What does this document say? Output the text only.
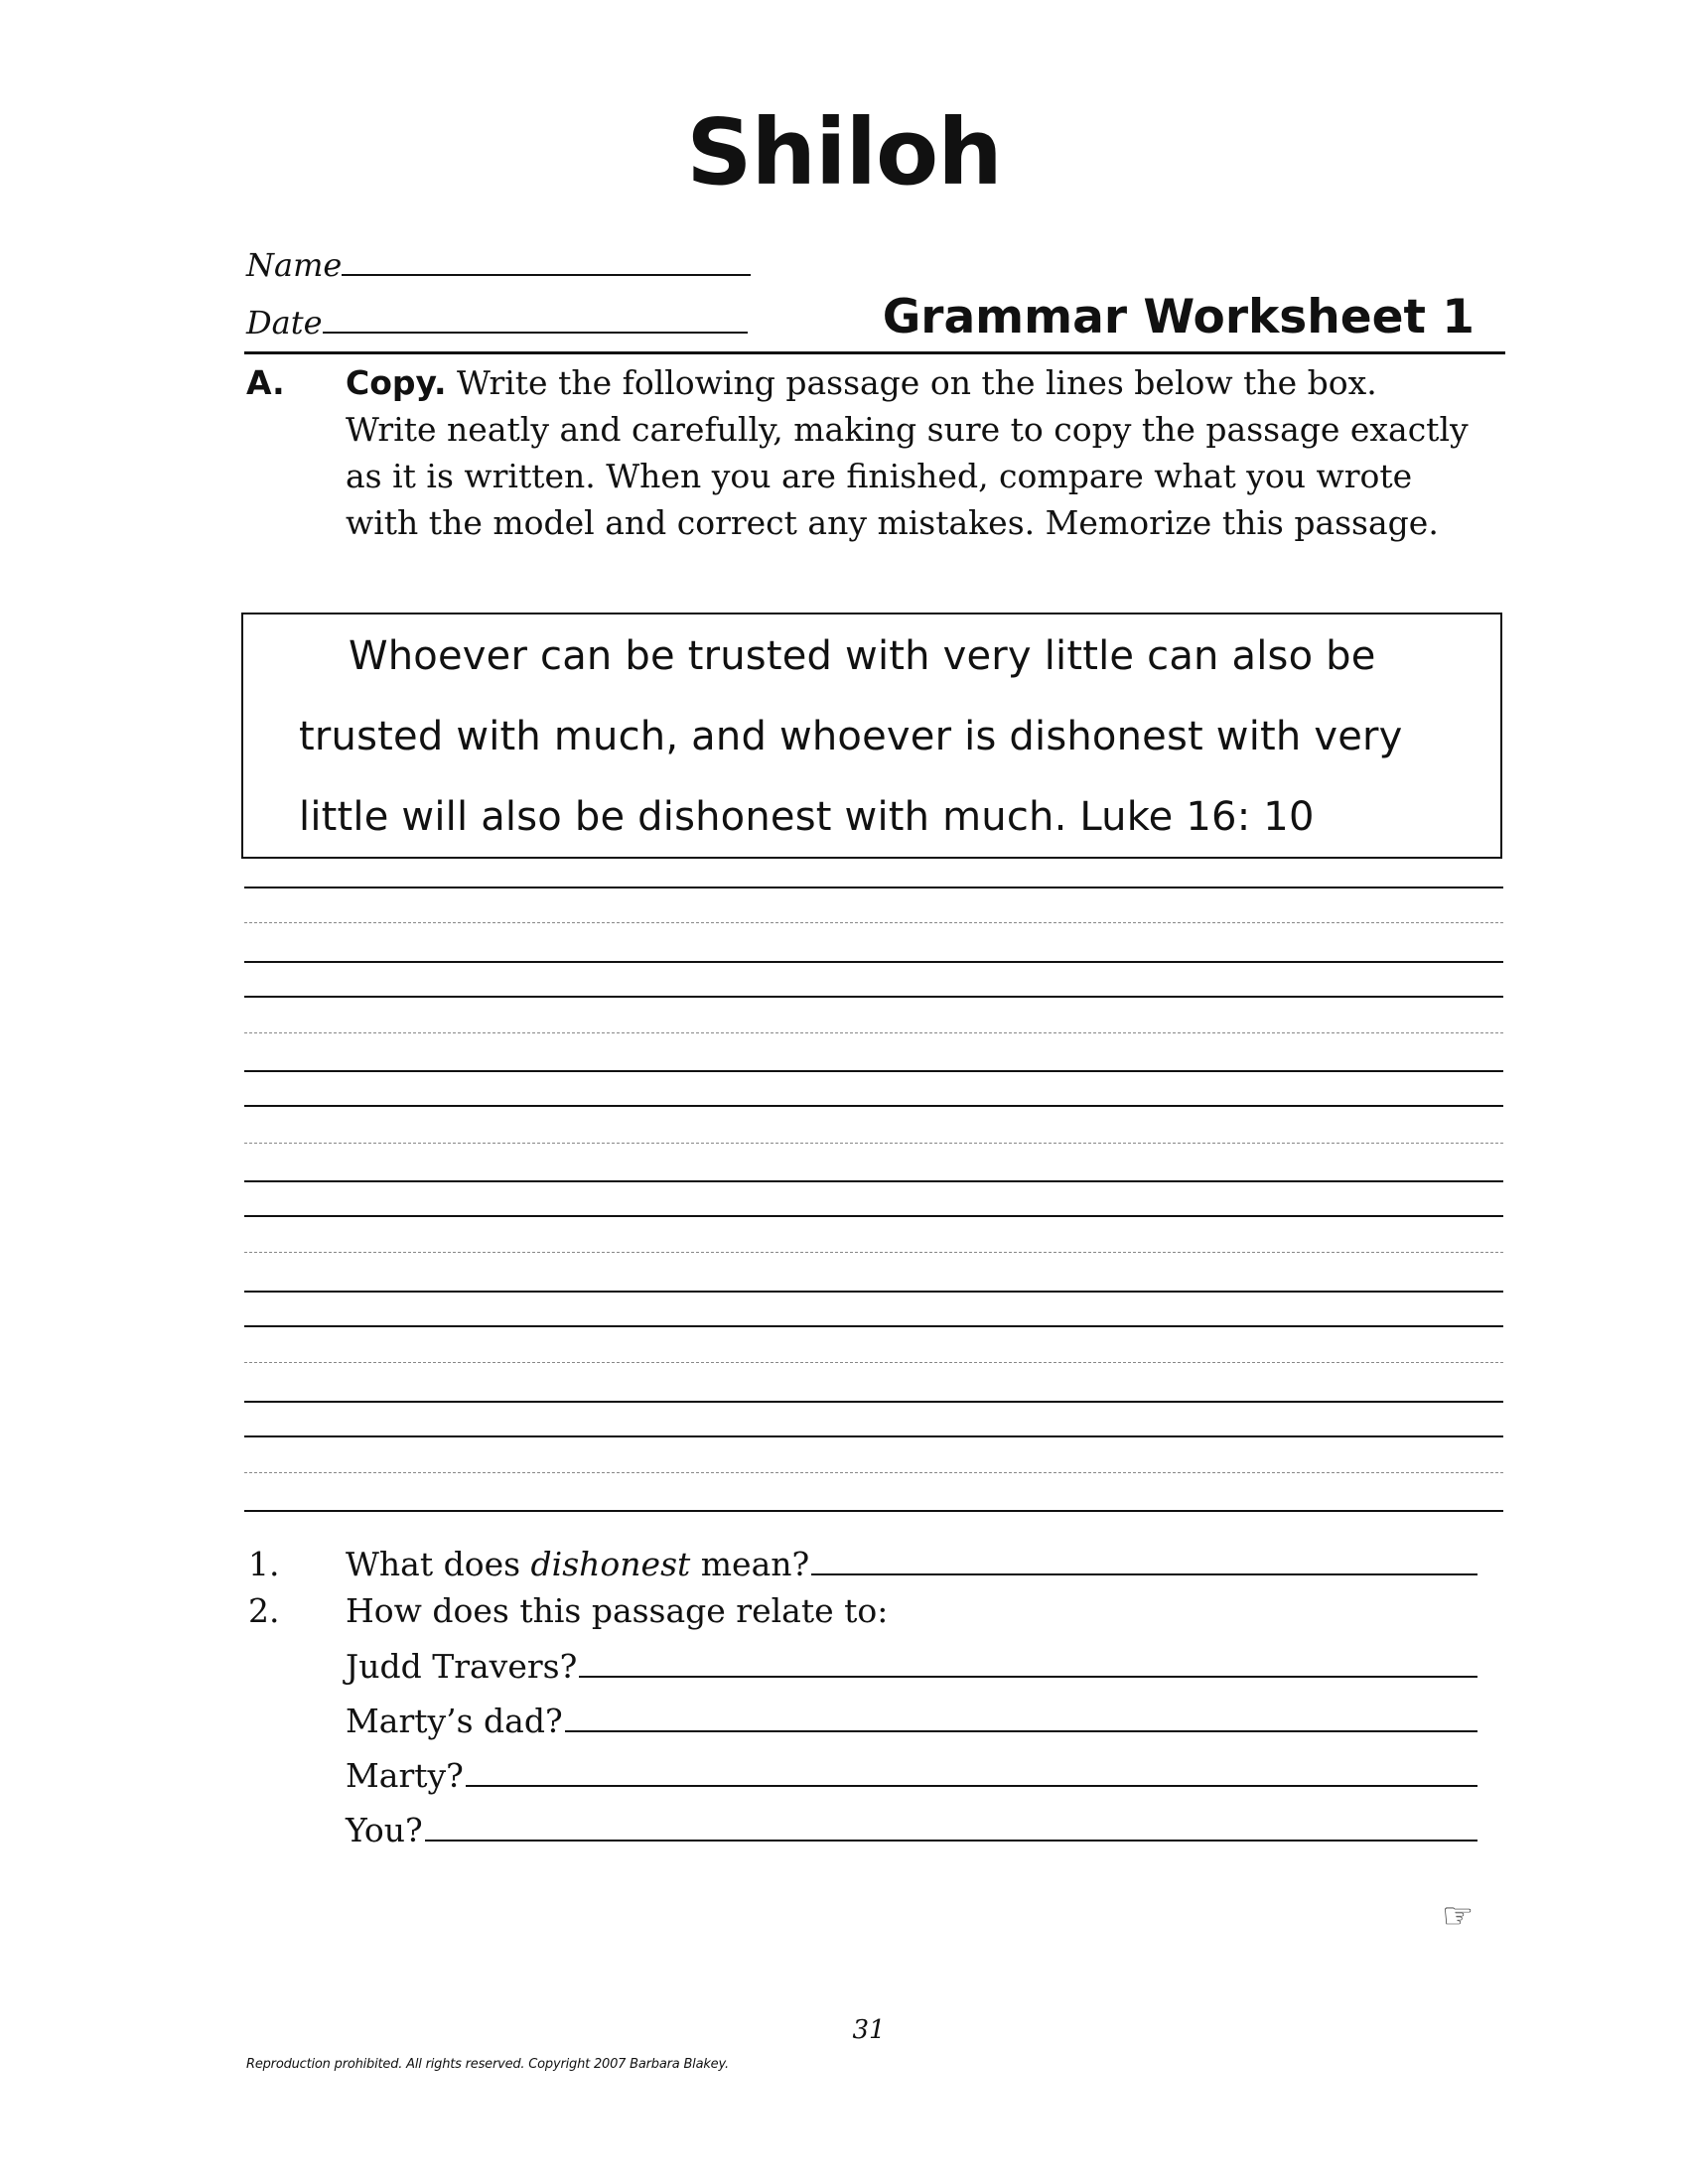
Shiloh
Name
Date	Grammar Worksheet 1
A. Copy. Write the following passage on the lines below the box. Write neatly and carefully, making sure to copy the passage exactly as it is written. When you are finished, compare what you wrote with the model and correct any mistakes. Memorize this passage.

Whoever can be trusted with very little can also be trusted with much, and whoever is dishonest with very little will also be dishonest with much. Luke 16: 10

1. What does dishonest mean?
2. How does this passage relate to:
Judd Travers?
Marty’s dad?
Marty?
You?
☞
31
Reproduction prohibited. All rights reserved. Copyright 2007 Barbara Blakey.
